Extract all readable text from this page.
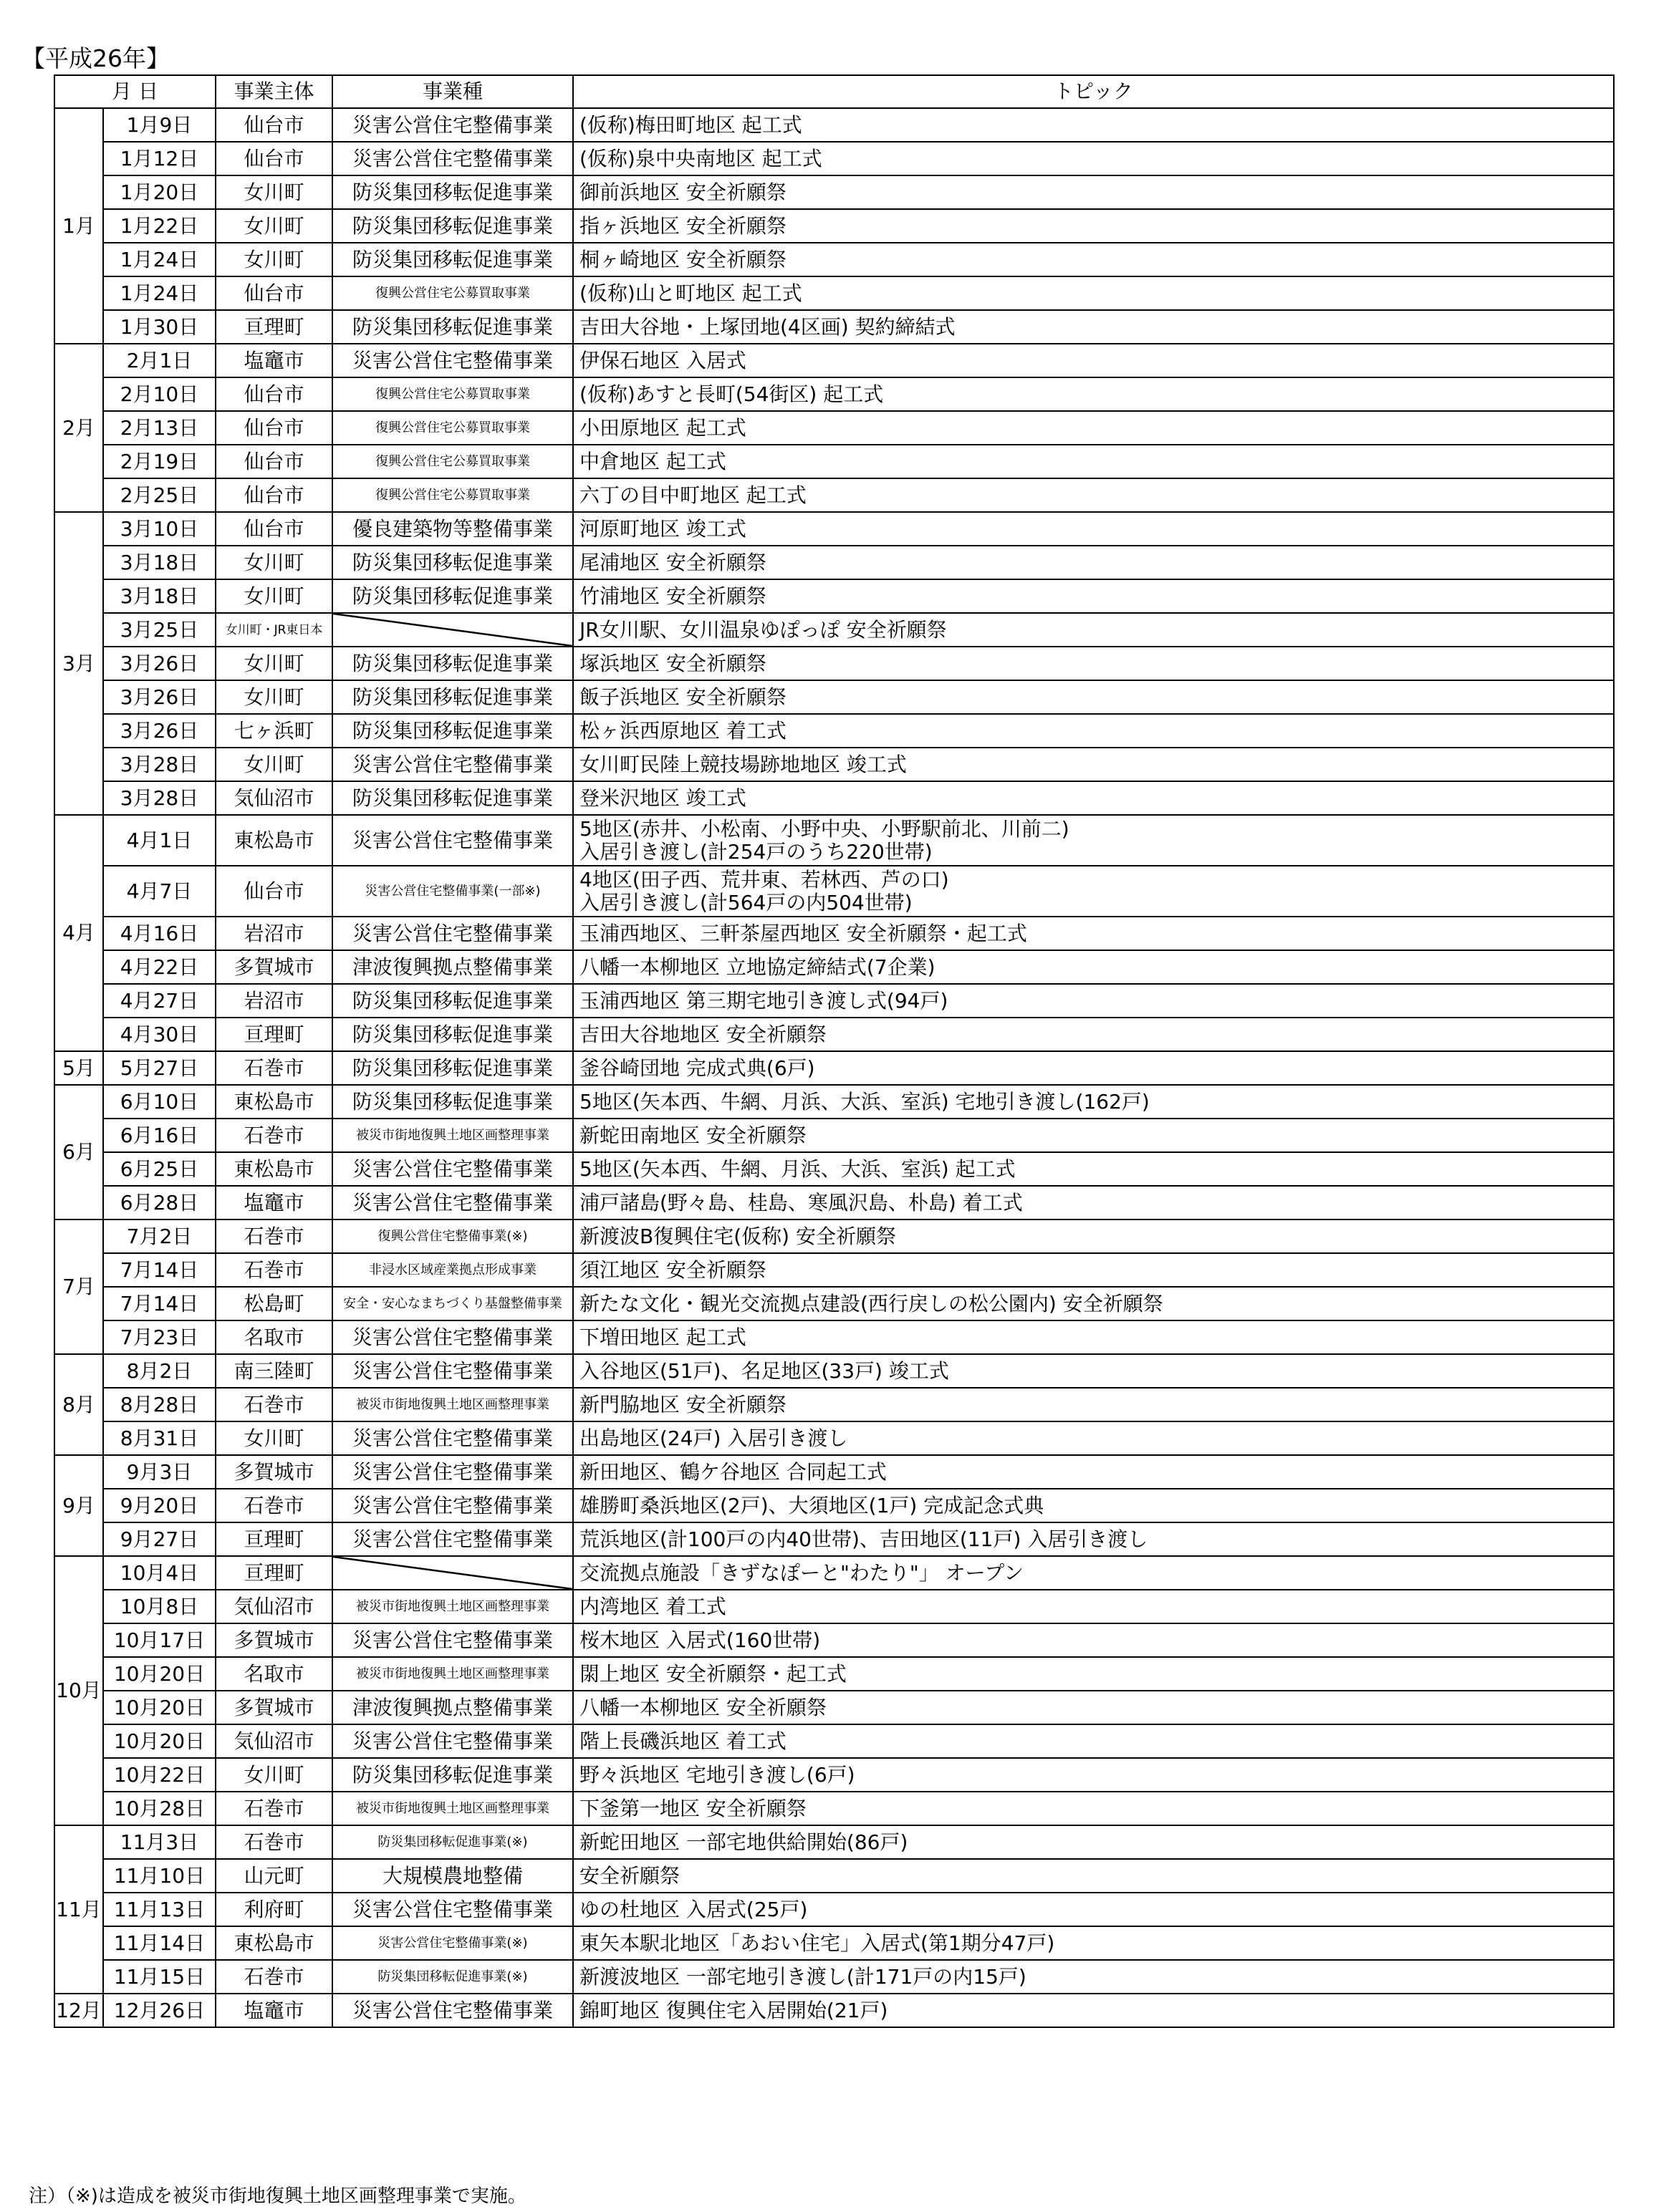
【平成26年】
月 日		事業主体	事業種	トピック
1月	1月9日	仙台市	災害公営住宅整備事業	(仮称)梅田町地区 起工式
	1月12日	仙台市	災害公営住宅整備事業	(仮称)泉中央南地区 起工式
	1月20日	女川町	防災集団移転促進事業	御前浜地区 安全祈願祭
	1月22日	女川町	防災集団移転促進事業	指ヶ浜地区 安全祈願祭
	1月24日	女川町	防災集団移転促進事業	桐ヶ崎地区 安全祈願祭
	1月24日	仙台市	復興公営住宅公募買取事業	(仮称)山と町地区 起工式
	1月30日	亘理町	防災集団移転促進事業	吉田大谷地・上塚団地(4区画) 契約締結式
2月	2月1日	塩竈市	災害公営住宅整備事業	伊保石地区 入居式
	2月10日	仙台市	復興公営住宅公募買取事業	(仮称)あすと長町(54街区) 起工式
	2月13日	仙台市	復興公営住宅公募買取事業	小田原地区 起工式
	2月19日	仙台市	復興公営住宅公募買取事業	中倉地区 起工式
	2月25日	仙台市	復興公営住宅公募買取事業	六丁の目中町地区 起工式
3月	3月10日	仙台市	優良建築物等整備事業	河原町地区 竣工式
	3月18日	女川町	防災集団移転促進事業	尾浦地区 安全祈願祭
	3月18日	女川町	防災集団移転促進事業	竹浦地区 安全祈願祭
	3月25日	女川町・JR東日本		JR女川駅、女川温泉ゆぽっぽ 安全祈願祭
	3月26日	女川町	防災集団移転促進事業	塚浜地区 安全祈願祭
	3月26日	女川町	防災集団移転促進事業	飯子浜地区 安全祈願祭
	3月26日	七ヶ浜町	防災集団移転促進事業	松ヶ浜西原地区 着工式
	3月28日	女川町	災害公営住宅整備事業	女川町民陸上競技場跡地地区 竣工式
	3月28日	気仙沼市	防災集団移転促進事業	登米沢地区 竣工式
4月	4月1日	東松島市	災害公営住宅整備事業	5地区(赤井、小松南、小野中央、小野駅前北、川前二)
入居引き渡し(計254戸のうち220世帯)

	4月7日	仙台市	災害公営住宅整備事業(一部※)	4地区(田子西、荒井東、若林西、芦の口)
入居引き渡し(計564戸の内504世帯)

	4月16日	岩沼市	災害公営住宅整備事業	玉浦西地区、三軒茶屋西地区 安全祈願祭・起工式
	4月22日	多賀城市	津波復興拠点整備事業	八幡一本柳地区 立地協定締結式(7企業)
	4月27日	岩沼市	防災集団移転促進事業	玉浦西地区 第三期宅地引き渡し式(94戸)
	4月30日	亘理町	防災集団移転促進事業	吉田大谷地地区 安全祈願祭
5月	5月27日	石巻市	防災集団移転促進事業	釜谷崎団地 完成式典(6戸)
6月	6月10日	東松島市	防災集団移転促進事業	5地区(矢本西、牛網、月浜、大浜、室浜) 宅地引き渡し(162戸)
	6月16日	石巻市	被災市街地復興土地区画整理事業	新蛇田南地区 安全祈願祭
	6月25日	東松島市	災害公営住宅整備事業	5地区(矢本西、牛網、月浜、大浜、室浜) 起工式
	6月28日	塩竈市	災害公営住宅整備事業	浦戸諸島(野々島、桂島、寒風沢島、朴島) 着工式
7月	7月2日	石巻市	復興公営住宅整備事業(※)	新渡波B復興住宅(仮称) 安全祈願祭
	7月14日	石巻市	非浸水区域産業拠点形成事業	須江地区 安全祈願祭
	7月14日	松島町	安全・安心なまちづくり基盤整備事業	新たな文化・観光交流拠点建設(西行戻しの松公園内) 安全祈願祭
	7月23日	名取市	災害公営住宅整備事業	下増田地区 起工式
8月	8月2日	南三陸町	災害公営住宅整備事業	入谷地区(51戸)、名足地区(33戸) 竣工式
	8月28日	石巻市	被災市街地復興土地区画整理事業	新門脇地区 安全祈願祭
	8月31日	女川町	災害公営住宅整備事業	出島地区(24戸) 入居引き渡し
9月	9月3日	多賀城市	災害公営住宅整備事業	新田地区、鶴ケ谷地区 合同起工式
	9月20日	石巻市	災害公営住宅整備事業	雄勝町桑浜地区(2戸)、大須地区(1戸) 完成記念式典
	9月27日	亘理町	災害公営住宅整備事業	荒浜地区(計100戸の内40世帯)、吉田地区(11戸) 入居引き渡し
10月	10月4日	亘理町		交流拠点施設「きずなぽーと"わたり"」 オープン
	10月8日	気仙沼市	被災市街地復興土地区画整理事業	内湾地区 着工式
	10月17日	多賀城市	災害公営住宅整備事業	桜木地区 入居式(160世帯)
	10月20日	名取市	被災市街地復興土地区画整理事業	閖上地区 安全祈願祭・起工式
	10月20日	多賀城市	津波復興拠点整備事業	八幡一本柳地区 安全祈願祭
	10月20日	気仙沼市	災害公営住宅整備事業	階上長磯浜地区 着工式
	10月22日	女川町	防災集団移転促進事業	野々浜地区 宅地引き渡し(6戸)
	10月28日	石巻市	被災市街地復興土地区画整理事業	下釜第一地区 安全祈願祭
11月	11月3日	石巻市	防災集団移転促進事業(※)	新蛇田地区 一部宅地供給開始(86戸)
	11月10日	山元町	大規模農地整備	安全祈願祭
	11月13日	利府町	災害公営住宅整備事業	ゆの杜地区 入居式(25戸)
	11月14日	東松島市	災害公営住宅整備事業(※)	東矢本駅北地区「あおい住宅」入居式(第1期分47戸)
	11月15日	石巻市	防災集団移転促進事業(※)	新渡波地区 一部宅地引き渡し(計171戸の内15戸)
12月	12月26日	塩竈市	災害公営住宅整備事業	錦町地区 復興住宅入居開始(21戸)
注）（※)は造成を被災市街地復興土地区画整理事業で実施。
